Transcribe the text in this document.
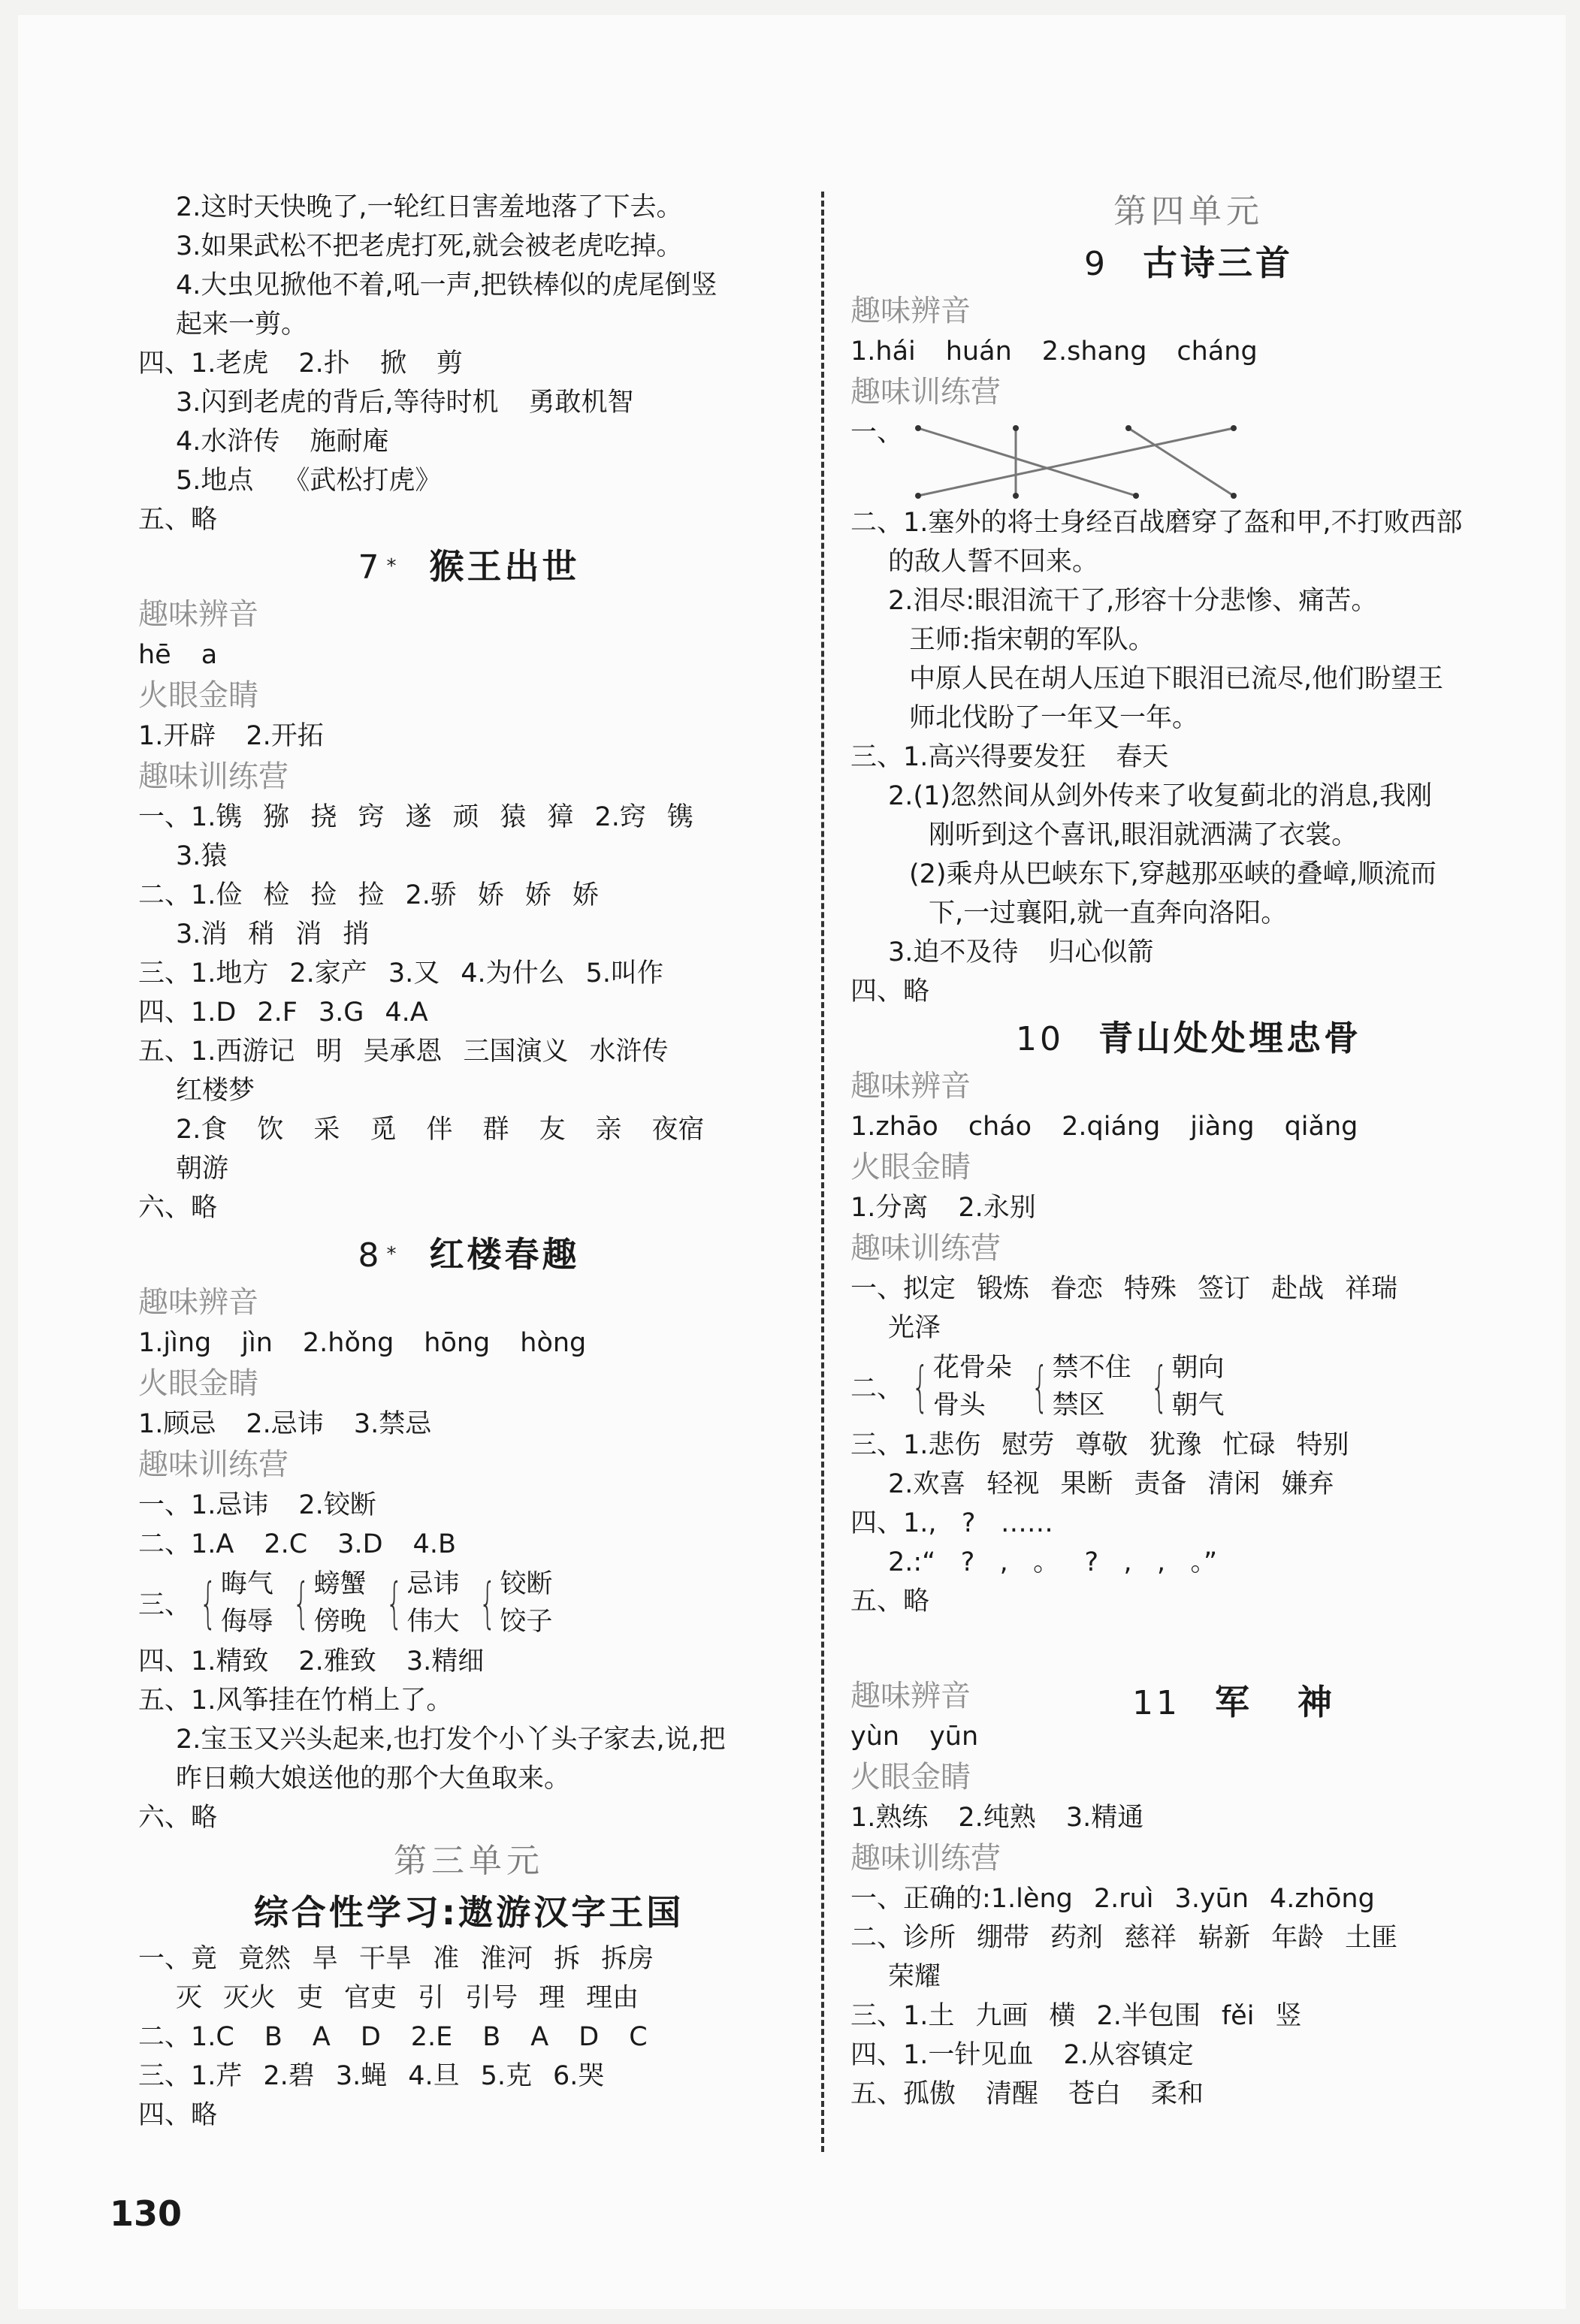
2.这时天快晚了,一轮红日害羞地落了下去。
3.如果武松不把老虎打死,就会被老虎吃掉。
4.大虫见掀他不着,吼一声,把铁棒似的虎尾倒竖
起来一剪。
四、1.老虎 2.扑 掀 剪
3.闪到老虎的背后,等待时机 勇敢机智
4.水浒传 施耐庵
5.地点 《武松打虎》
五、略
7 * 猴王出世
趣味辨音
hē a
火眼金睛
1.开辟 2.开拓
趣味训练营
一、1.镌 猕 挠 窍 遂 顽 猿 獐 2.窍 镌
3.猿
二、1.俭 检 捡 捡 2.骄 娇 娇 娇
3.消 稍 消 捎
三、1.地方 2.家产 3.又 4.为什么 5.叫作
四、1.D 2.F 3.G 4.A
五、1.西游记 明 吴承恩 三国演义 水浒传
红楼梦
2.食 饮 采 觅 伴 群 友 亲 夜宿
朝游
六、略
8 * 红楼春趣
趣味辨音
1.jìng jìn 2.hǒng hōng hòng
火眼金睛
1.顾忌 2.忌讳 3.禁忌
趣味训练营
一、1.忌讳 2.铰断
二、1.A 2.C 3.D 4.B
三、 { 晦气
侮辱 { 螃蟹
傍晚 { 忌讳
伟大 { 铰断
饺子
四、1.精致 2.雅致 3.精细
五、1.风筝挂在竹梢上了。
2.宝玉又兴头起来,也打发个小丫头子家去,说,把
昨日赖大娘送他的那个大鱼取来。
六、略
第三单元
综合性学习:遨游汉字王国
一、竟 竟然 旱 干旱 准 淮河 拆 拆房
灭 灭火 吏 官吏 引 引号 理 理由
二、1.C B A D 2.E B A D C
三、1.芹 2.碧 3.蝇 4.旦 5.克 6.哭
四、略
第四单元
9 古诗三首
趣味辨音
1.hái huán 2.shang cháng
趣味训练营
一、
二、1.塞外的将士身经百战磨穿了盔和甲,不打败西部
的敌人誓不回来。
2.泪尽:眼泪流干了,形容十分悲惨、痛苦。
王师:指宋朝的军队。
中原人民在胡人压迫下眼泪已流尽,他们盼望王
师北伐盼了一年又一年。
三、1.高兴得要发狂 春天
2.(1)忽然间从剑外传来了收复蓟北的消息,我刚
刚听到这个喜讯,眼泪就洒满了衣裳。
(2)乘舟从巴峡东下,穿越那巫峡的叠嶂,顺流而
下,一过襄阳,就一直奔向洛阳。
3.迫不及待 归心似箭
四、略
10 青山处处埋忠骨
趣味辨音
1.zhāo cháo 2.qiáng jiàng qiǎng
火眼金睛
1.分离 2.永别
趣味训练营
一、拟定 锻炼 眷恋 特殊 签订 赴战 祥瑞
光泽
二、 { 花骨朵
骨头 { 禁不住
禁区 { 朝向
朝气
三、1.悲伤 慰劳 尊敬 犹豫 忙碌 特别
2.欢喜 轻视 果断 责备 清闲 嫌弃
四、1.,   ?   ……
2.:“   ?   ,   。   ?   ,   ,   。”
五、略

11 军   神

趣味辨音
yùn yūn
火眼金睛
1.熟练 2.纯熟 3.精通
趣味训练营
一、正确的:1.lèng 2.ruì 3.yūn 4.zhōng
二、诊所 绷带 药剂 慈祥 崭新 年龄 土匪
荣耀
三、1.土 九画 横 2.半包围 fěi 竖
四、1.一针见血 2.从容镇定
五、孤傲 清醒 苍白 柔和
130
